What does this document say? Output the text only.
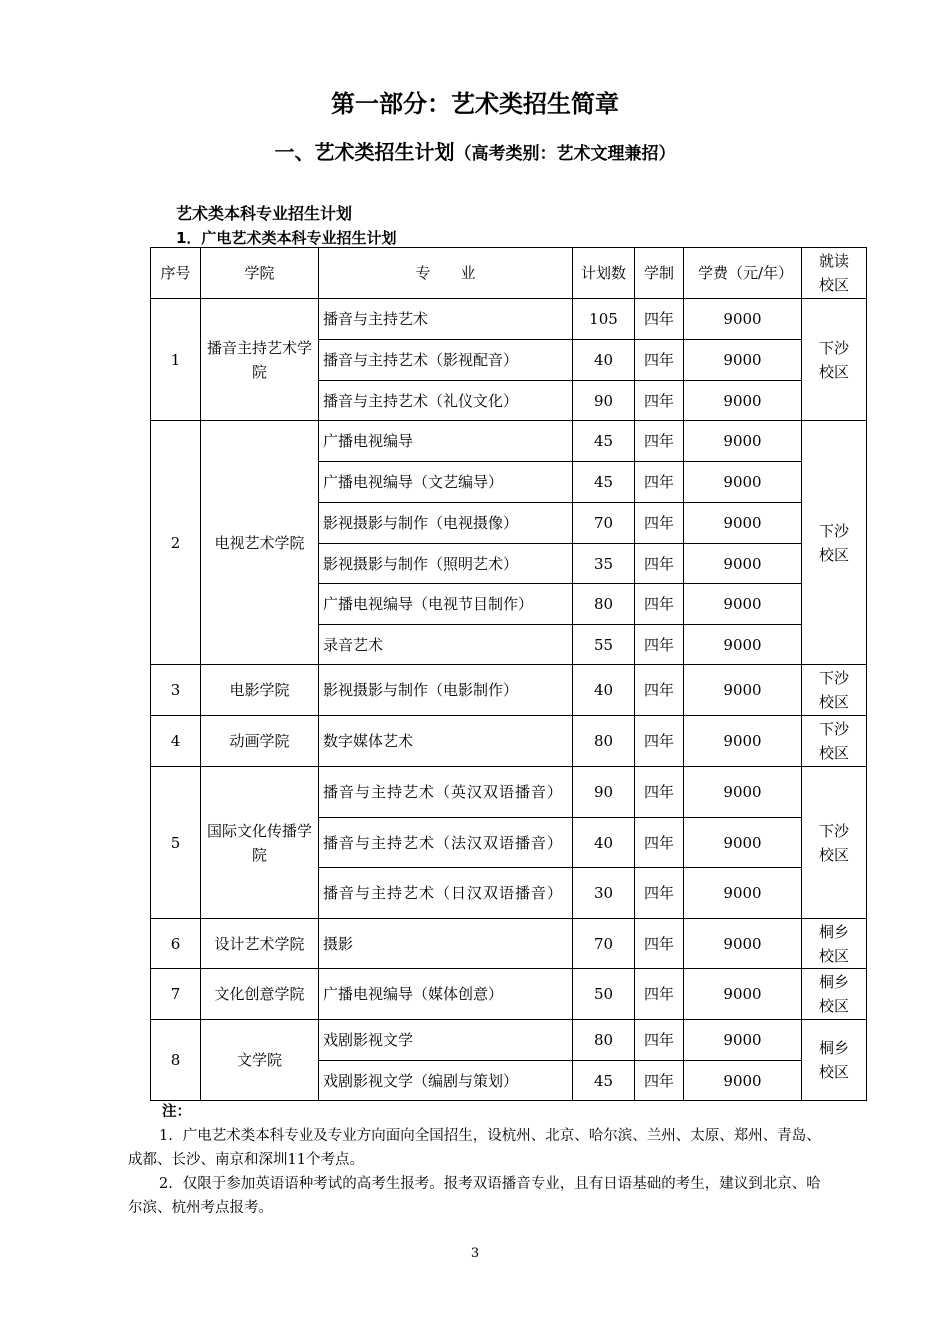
第一部分：艺术类招生简章
一、艺术类招生计划（高考类别：艺术文理兼招）
艺术类本科专业招生计划
1．广电艺术类本科专业招生计划
序号	学院	专　　业	计划数	学制	学费（元/年）	就读校区
1	播音主持艺术学院	播音与主持艺术	105	四年	9000	下沙校区
		播音与主持艺术（影视配音）	40	四年	9000	
		播音与主持艺术（礼仪文化）	90	四年	9000	
2	电视艺术学院	广播电视编导	45	四年	9000	下沙校区
		广播电视编导（文艺编导）	45	四年	9000	
		影视摄影与制作（电视摄像）	70	四年	9000	
		影视摄影与制作（照明艺术）	35	四年	9000	
		广播电视编导（电视节目制作）	80	四年	9000	
		录音艺术	55	四年	9000	
3	电影学院	影视摄影与制作（电影制作）	40	四年	9000	下沙校区
4	动画学院	数字媒体艺术	80	四年	9000	下沙校区
5	国际文化传播学院	播音与主持艺术（英汉双语播音）	90	四年	9000	下沙校区
		播音与主持艺术（法汉双语播音）	40	四年	9000	
		播音与主持艺术（日汉双语播音）	30	四年	9000	
6	设计艺术学院	摄影	70	四年	9000	桐乡校区
7	文化创意学院	广播电视编导（媒体创意）	50	四年	9000	桐乡校区
8	文学院	戏剧影视文学	80	四年	9000	桐乡校区
		戏剧影视文学（编剧与策划）	45	四年	9000	
注：

1．广电艺术类本科专业及专业方向面向全国招生，设杭州、北京、哈尔滨、兰州、太原、郑州、青岛、成都、长沙、南京和深圳11个考点。

2．仅限于参加英语语种考试的高考生报考。报考双语播音专业，且有日语基础的考生，建议到北京、哈尔滨、杭州考点报考。

3
